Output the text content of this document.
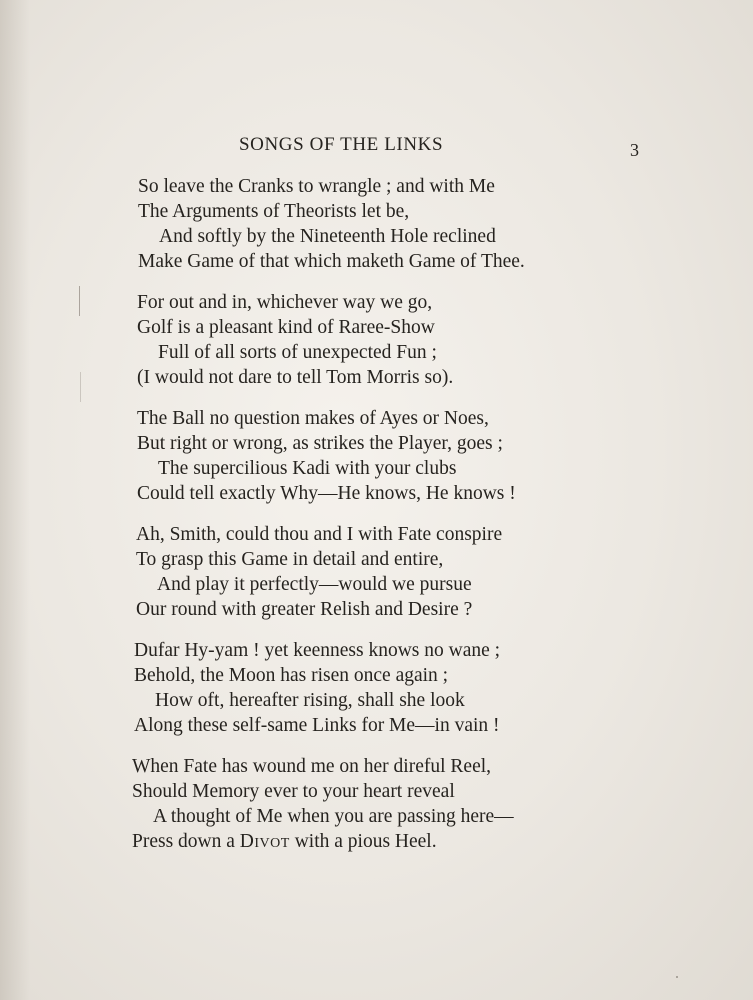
SONGS OF THE LINKS	3
So leave the Cranks to wrangle ; and with Me
The Arguments of Theorists let be,
And softly by the Nineteenth Hole reclined
Make Game of that which maketh Game of Thee.
For out and in, whichever way we go,
Golf is a pleasant kind of Raree-Show
Full of all sorts of unexpected Fun ;
(I would not dare to tell Tom Morris so).
The Ball no question makes of Ayes or Noes,
But right or wrong, as strikes the Player, goes ;
The supercilious Kadi with your clubs
Could tell exactly Why—He knows, He knows !
Ah, Smith, could thou and I with Fate conspire
To grasp this Game in detail and entire,
And play it perfectly—would we pursue
Our round with greater Relish and Desire ?
Dufar Hy-yam ! yet keenness knows no wane ;
Behold, the Moon has risen once again ;
How oft, hereafter rising, shall she look
Along these self-same Links for Me—in vain !
When Fate has wound me on her direful Reel,
Should Memory ever to your heart reveal
A thought of Me when you are passing here—
Press down a Divot with a pious Heel.
